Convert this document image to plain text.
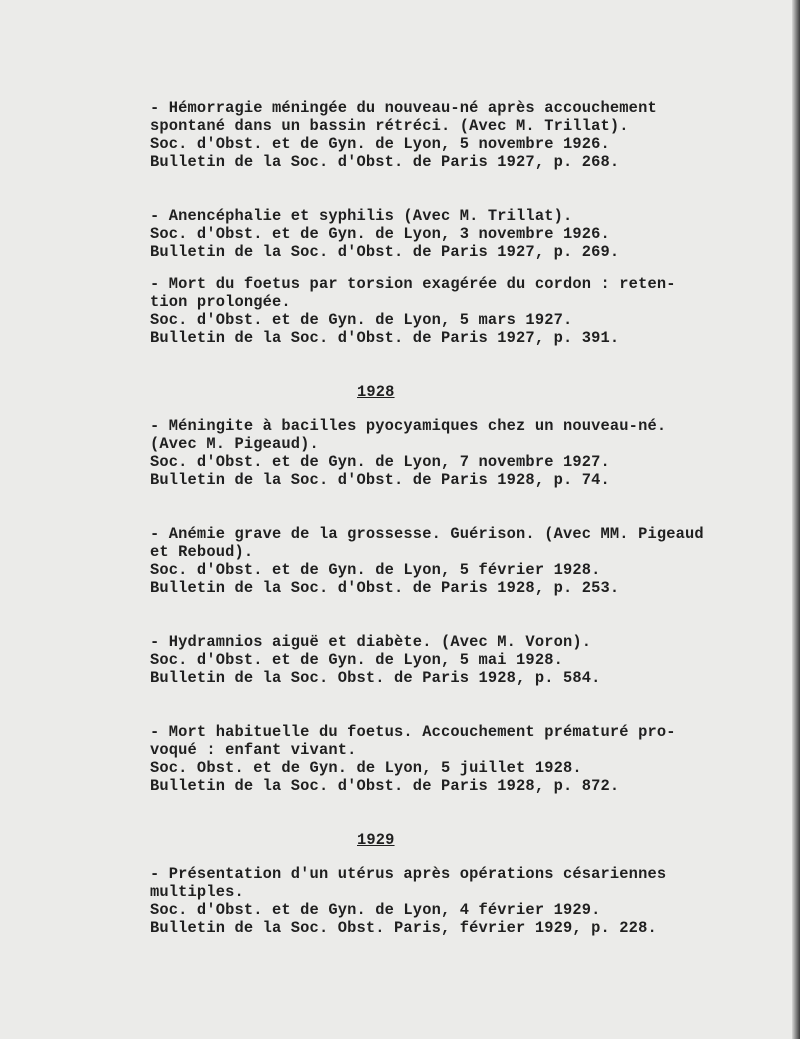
- Hémorragie méningée du nouveau-né après accouchement
spontané dans un bassin rétréci. (Avec M. Trillat).
Soc. d'Obst. et de Gyn. de Lyon, 5 novembre 1926.
Bulletin de la Soc. d'Obst. de Paris 1927, p. 268.
- Anencéphalie et syphilis (Avec M. Trillat).
Soc. d'Obst. et de Gyn. de Lyon, 3 novembre 1926.
Bulletin de la Soc. d'Obst. de Paris 1927, p. 269.
- Mort du foetus par torsion exagérée du cordon : reten-
tion prolongée.
Soc. d'Obst. et de Gyn. de Lyon, 5 mars 1927.
Bulletin de la Soc. d'Obst. de Paris 1927, p. 391.
1928
- Méningite à bacilles pyocyamiques chez un nouveau-né.
(Avec M. Pigeaud).
Soc. d'Obst. et de Gyn. de Lyon, 7 novembre 1927.
Bulletin de la Soc. d'Obst. de Paris 1928, p. 74.
- Anémie grave de la grossesse. Guérison. (Avec MM. Pigeaud
et Reboud).
Soc. d'Obst. et de Gyn. de Lyon, 5 février 1928.
Bulletin de la Soc. d'Obst. de Paris 1928, p. 253.
- Hydramnios aiguë et diabète. (Avec M. Voron).
Soc. d'Obst. et de Gyn. de Lyon, 5 mai 1928.
Bulletin de la Soc. Obst. de Paris 1928, p. 584.
- Mort habituelle du foetus. Accouchement prématuré pro-
voqué : enfant vivant.
Soc. Obst. et de Gyn. de Lyon, 5 juillet 1928.
Bulletin de la Soc. d'Obst. de Paris 1928, p. 872.
1929
- Présentation d'un utérus après opérations césariennes
multiples.
Soc. d'Obst. et de Gyn. de Lyon, 4 février 1929.
Bulletin de la Soc. Obst. Paris, février 1929, p. 228.
